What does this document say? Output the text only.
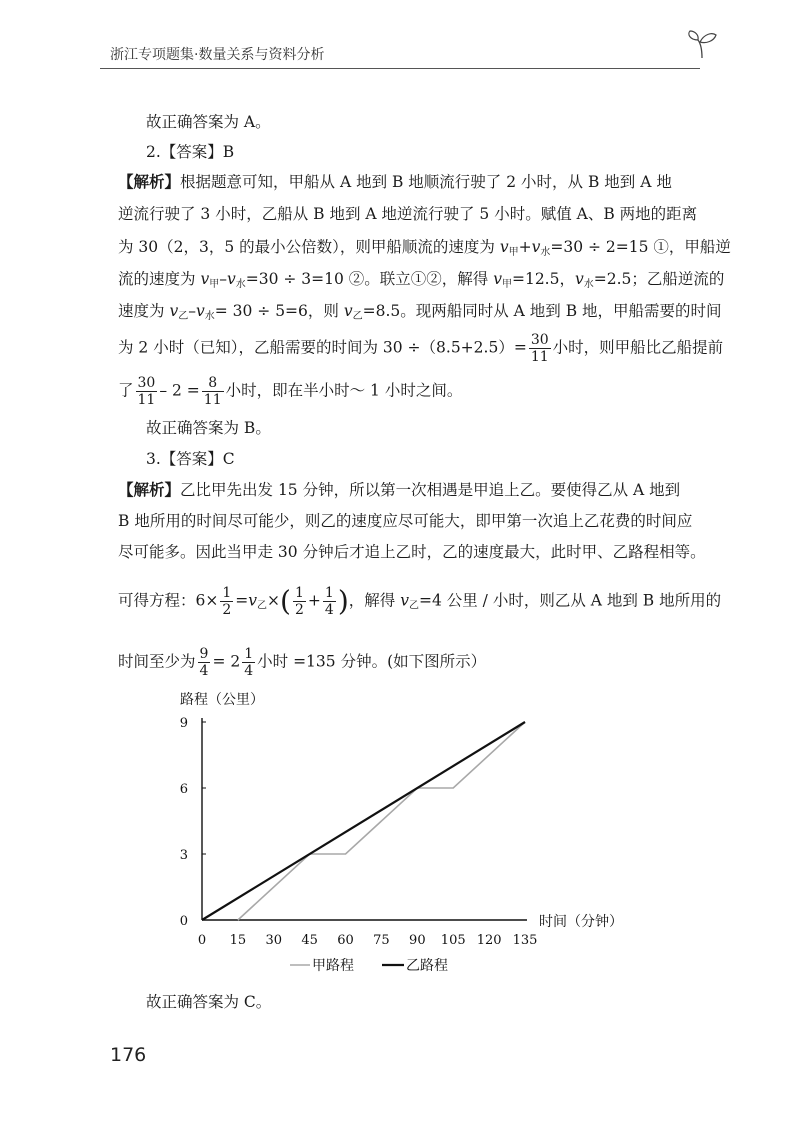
浙江专项题集·数量关系与资料分析
故正确答案为 A。
2.【答案】B
【解析】根据题意可知，甲船从 A 地到 B 地顺流行驶了 2 小时，从 B 地到 A 地
逆流行驶了 3 小时，乙船从 B 地到 A 地逆流行驶了 5 小时。赋值 A、B 两地的距离
为 30（2，3，5 的最小公倍数），则甲船顺流的速度为 $v_甲+v_水=30 \div 2=15$ ①，甲船逆
流的速度为 $v_甲-v_水=30 \div 3=10$ ②。联立①②，解得 $v_甲=12.5$，$v_水=2.5$；乙船逆流的
速度为 $v_乙-v_水= 30 \div 5=6$，则 $v_乙=8.5$。现两船同时从 A 地到 B 地，甲船需要的时间
为 2 小时（已知），乙船需要的时间为 $30 \div(8.5+2.5)= \frac{30}{11}$ 小时，则甲船比乙船提前
了 $\frac{30}{11} - 2 = \frac{8}{11}$ 小时，即在半小时～ 1 小时之间。
故正确答案为 B。
3.【答案】C
【解析】乙比甲先出发 15 分钟，所以第一次相遇是甲追上乙。要使得乙从 A 地到
B 地所用的时间尽可能少，则乙的速度应尽可能大，即甲第一次追上乙花费的时间应
尽可能多。因此当甲走 30 分钟后才追上乙时，乙的速度最大，此时甲、乙路程相等。
可得方程：$6\times \frac{1}{2} =v_乙\times( \frac{1}{2} + \frac{1}{4}$ )，解得 $v_乙=4$ 公里 / 小时，则乙从 A 地到 B 地所用的
时间至少为 $\frac{9}{4} = 2 \frac{1}{4}$ 小时 =135 分钟。(如下图所示）
路程（公里）
时间（分钟）
0
3
6
9
0 15 30 45 60 75 90 105 120 135
甲路程	乙路程
故正确答案为 C。
176
